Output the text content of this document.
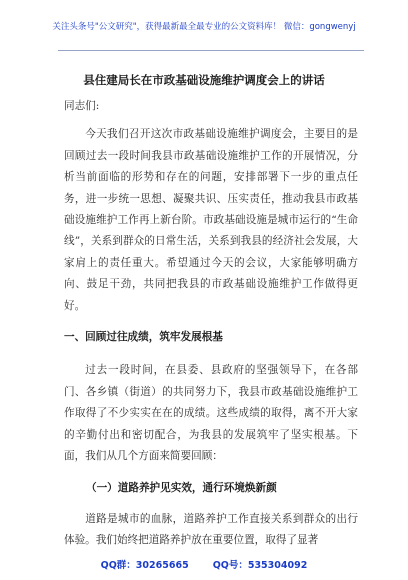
关注头条号"公文研究"，获得最新最全最专业的公文资料库！ 微信：gongwenyj
县住建局长在市政基础设施维护调度会上的讲话

同志们:

今天我们召开这次市政基础设施维护调度会，主要目的是回顾过去一段时间我县市政基础设施维护工作的开展情况，分析当前面临的形势和存在的问题，安排部署下一步的重点任务，进一步统一思想、凝聚共识、压实责任，推动我县市政基础设施维护工作再上新台阶。市政基础设施是城市运行的“生命线”，关系到群众的日常生活，关系到我县的经济社会发展，大家肩上的责任重大。希望通过今天的会议，大家能够明确方向、鼓足干劲，共同把我县的市政基础设施维护工作做得更好。

一、回顾过往成绩，筑牢发展根基

过去一段时间，在县委、县政府的坚强领导下，在各部门、各乡镇（街道）的共同努力下，我县市政基础设施维护工作取得了不少实实在在的成绩。这些成绩的取得，离不开大家的辛勤付出和密切配合，为我县的发展筑牢了坚实根基。下面，我们从几个方面来简要回顾：

（一）道路养护见实效，通行环境焕新颜

道路是城市的血脉，道路养护工作直接关系到群众的出行体验。我们始终把道路养护放在重要位置，取得了显著

QQ群：30265665	QQ号：535304092
